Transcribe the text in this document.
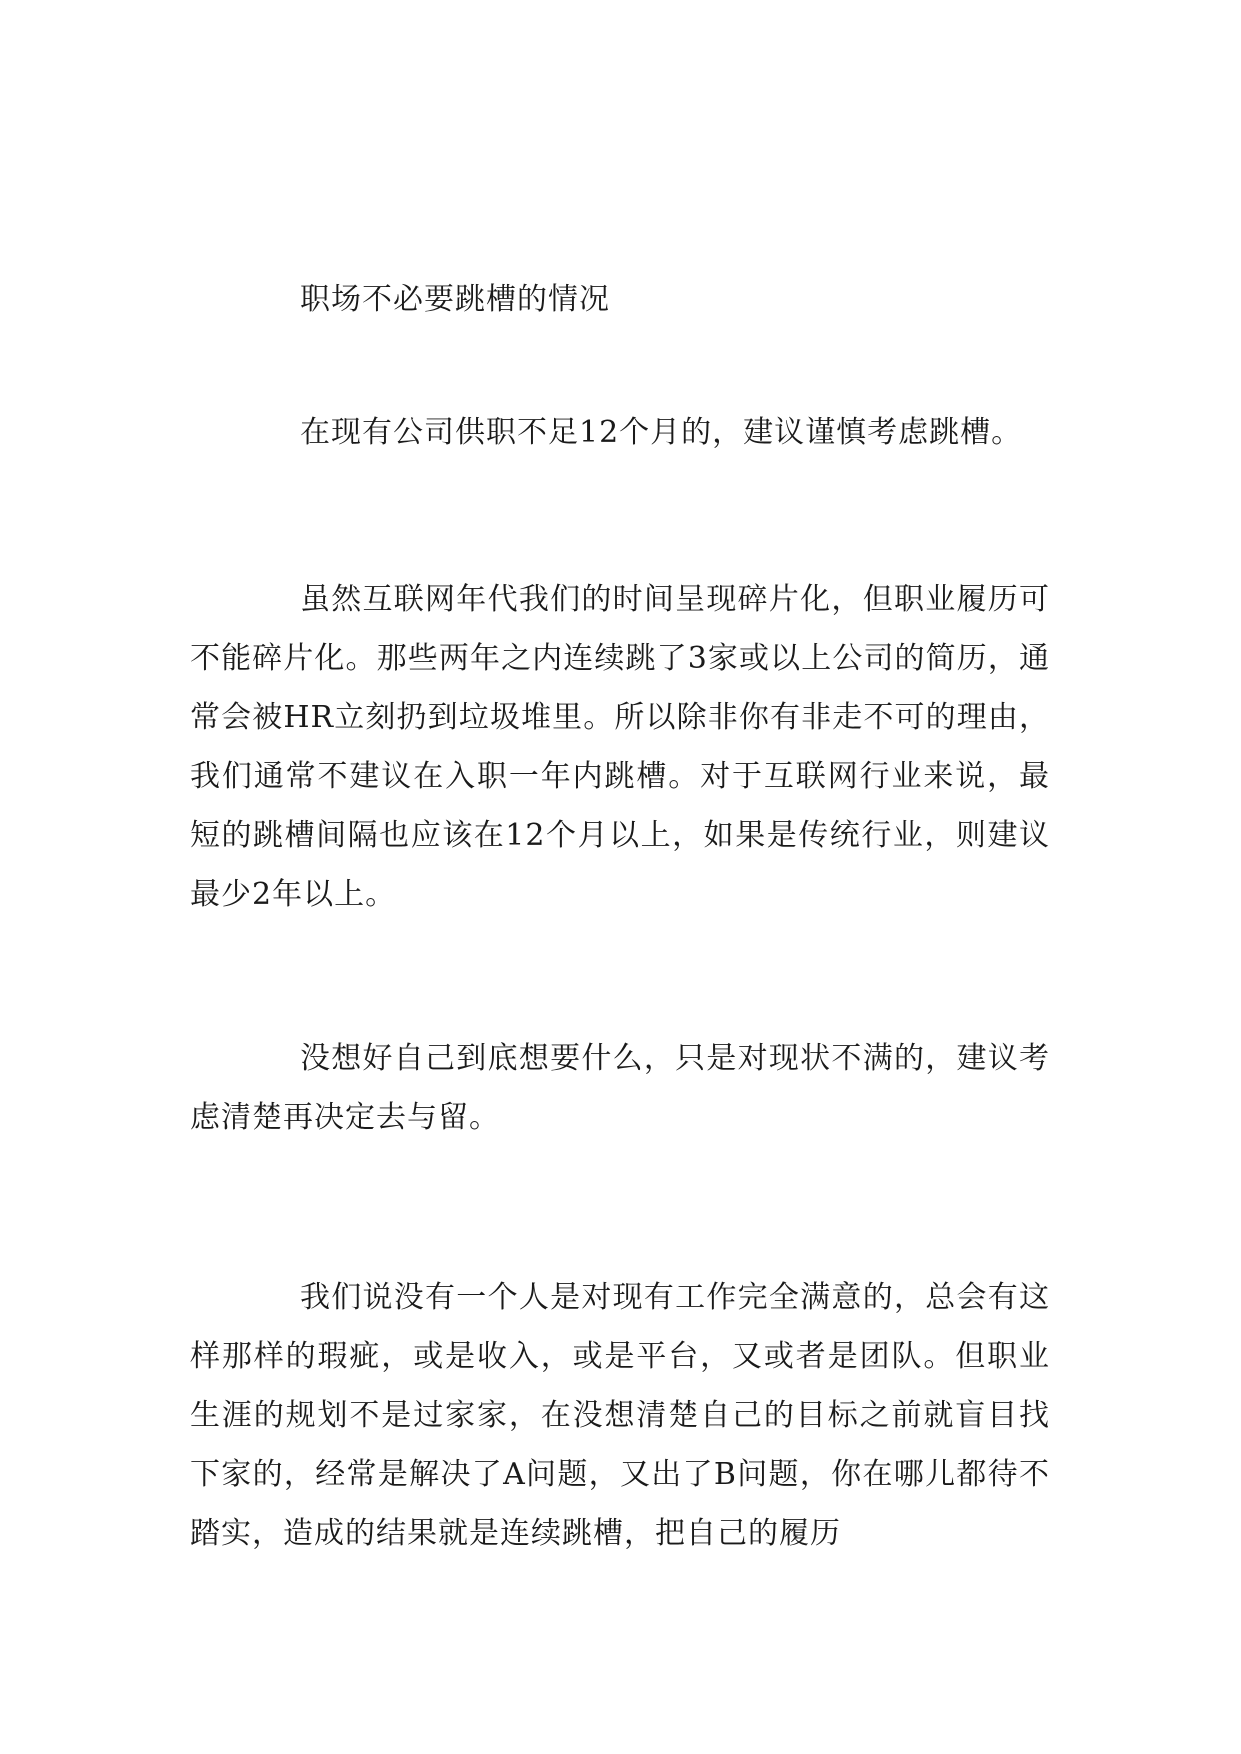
职场不必要跳槽的情况

在现有公司供职不足12个月的，建议谨慎考虑跳槽。

虽然互联网年代我们的时间呈现碎片化，但职业履历可不能碎片化。那些两年之内连续跳了3家或以上公司的简历，通常会被HR立刻扔到垃圾堆里。所以除非你有非走不可的理由，我们通常不建议在入职一年内跳槽。对于互联网行业来说，最短的跳槽间隔也应该在12个月以上，如果是传统行业，则建议最少2年以上。

没想好自己到底想要什么，只是对现状不满的，建议考虑清楚再决定去与留。

我们说没有一个人是对现有工作完全满意的，总会有这样那样的瑕疵，或是收入，或是平台，又或者是团队。但职业生涯的规划不是过家家，在没想清楚自己的目标之前就盲目找下家的，经常是解决了A问题，又出了B问题，你在哪儿都待不踏实，造成的结果就是连续跳槽，把自己的履历
